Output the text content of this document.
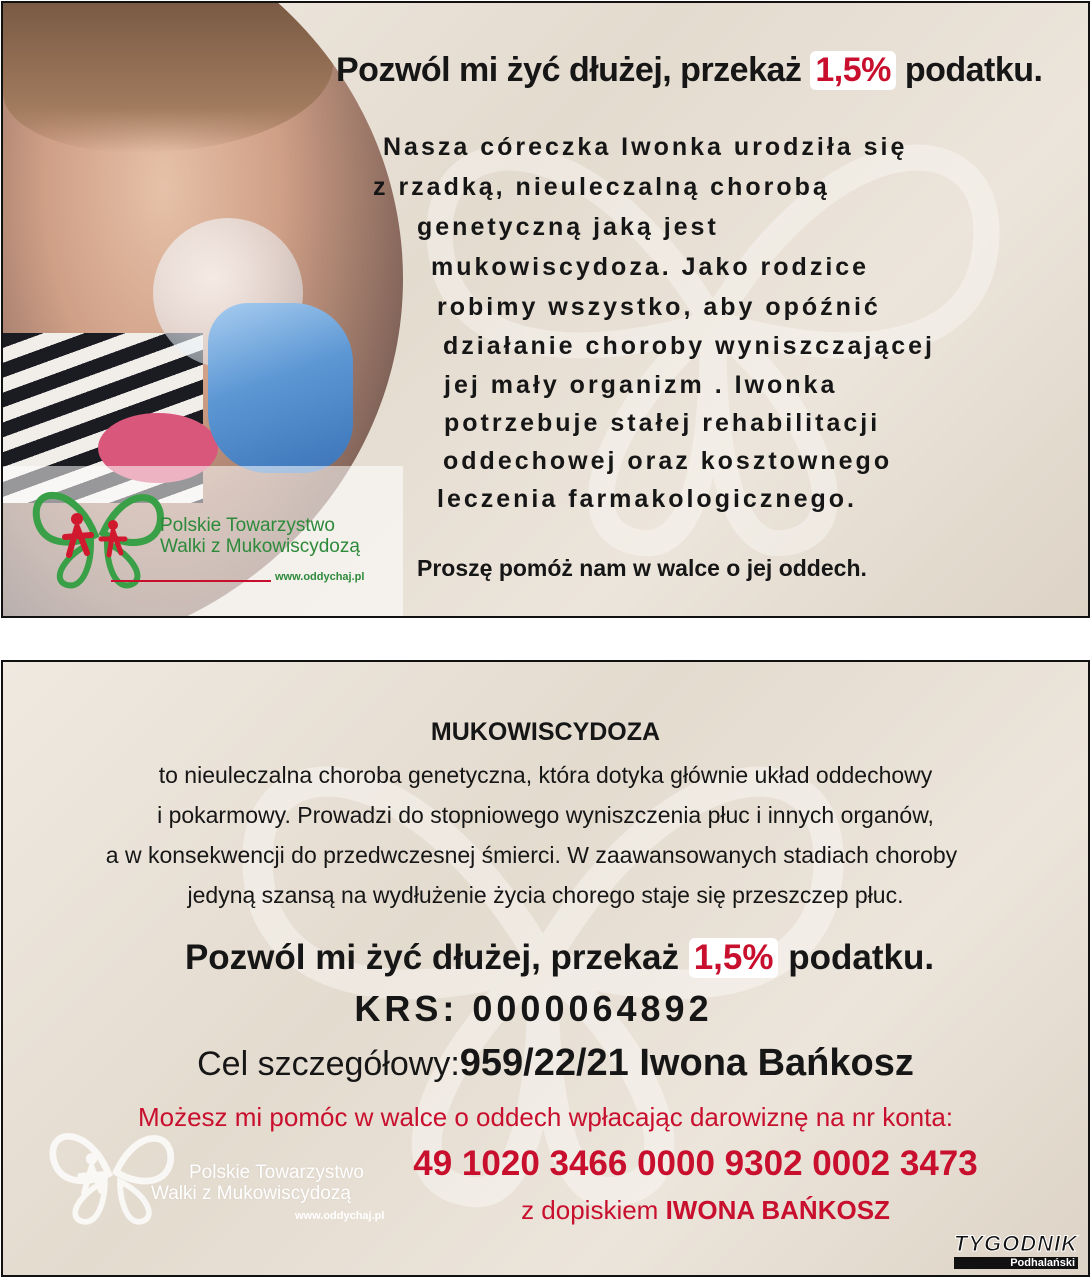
Polskie Towarzystwo
Walki z Mukowiscydozą
www.oddychaj.pl
Pozwól mi żyć dłużej, przekaż 1,5% podatku.
Nasza córeczka Iwonka urodziła się
z rzadką, nieuleczalną chorobą
genetyczną jaką jest
mukowiscydoza. Jako rodzice
robimy wszystko, aby opóźnić
działanie choroby wyniszczającej
jej mały organizm . Iwonka
potrzebuje stałej rehabilitacji
oddechowej oraz kosztownego
leczenia farmakologicznego.
Proszę pomóż nam w walce o jej oddech.
MUKOWISCYDOZA
to nieuleczalna choroba genetyczna, która dotyka głównie układ oddechowy
i pokarmowy. Prowadzi do stopniowego wyniszczenia płuc i innych organów,
a w konsekwencji do przedwczesnej śmierci. W zaawansowanych stadiach choroby
jedyną szansą na wydłużenie życia chorego staje się przeszczep płuc.
Pozwól mi żyć dłużej, przekaż 1,5% podatku.
KRS: 0000064892
Cel szczegółowy:959/22/21 Iwona Bańkosz
Możesz mi pomóc w walce o oddech wpłacając darowiznę na nr konta:
49 1020 3466 0000 9302 0002 3473
z dopiskiem IWONA BAŃKOSZ
Polskie Towarzystwo
Walki z Mukowiscydozą
www.oddychaj.pl
TYGODNIK
Podhalański
